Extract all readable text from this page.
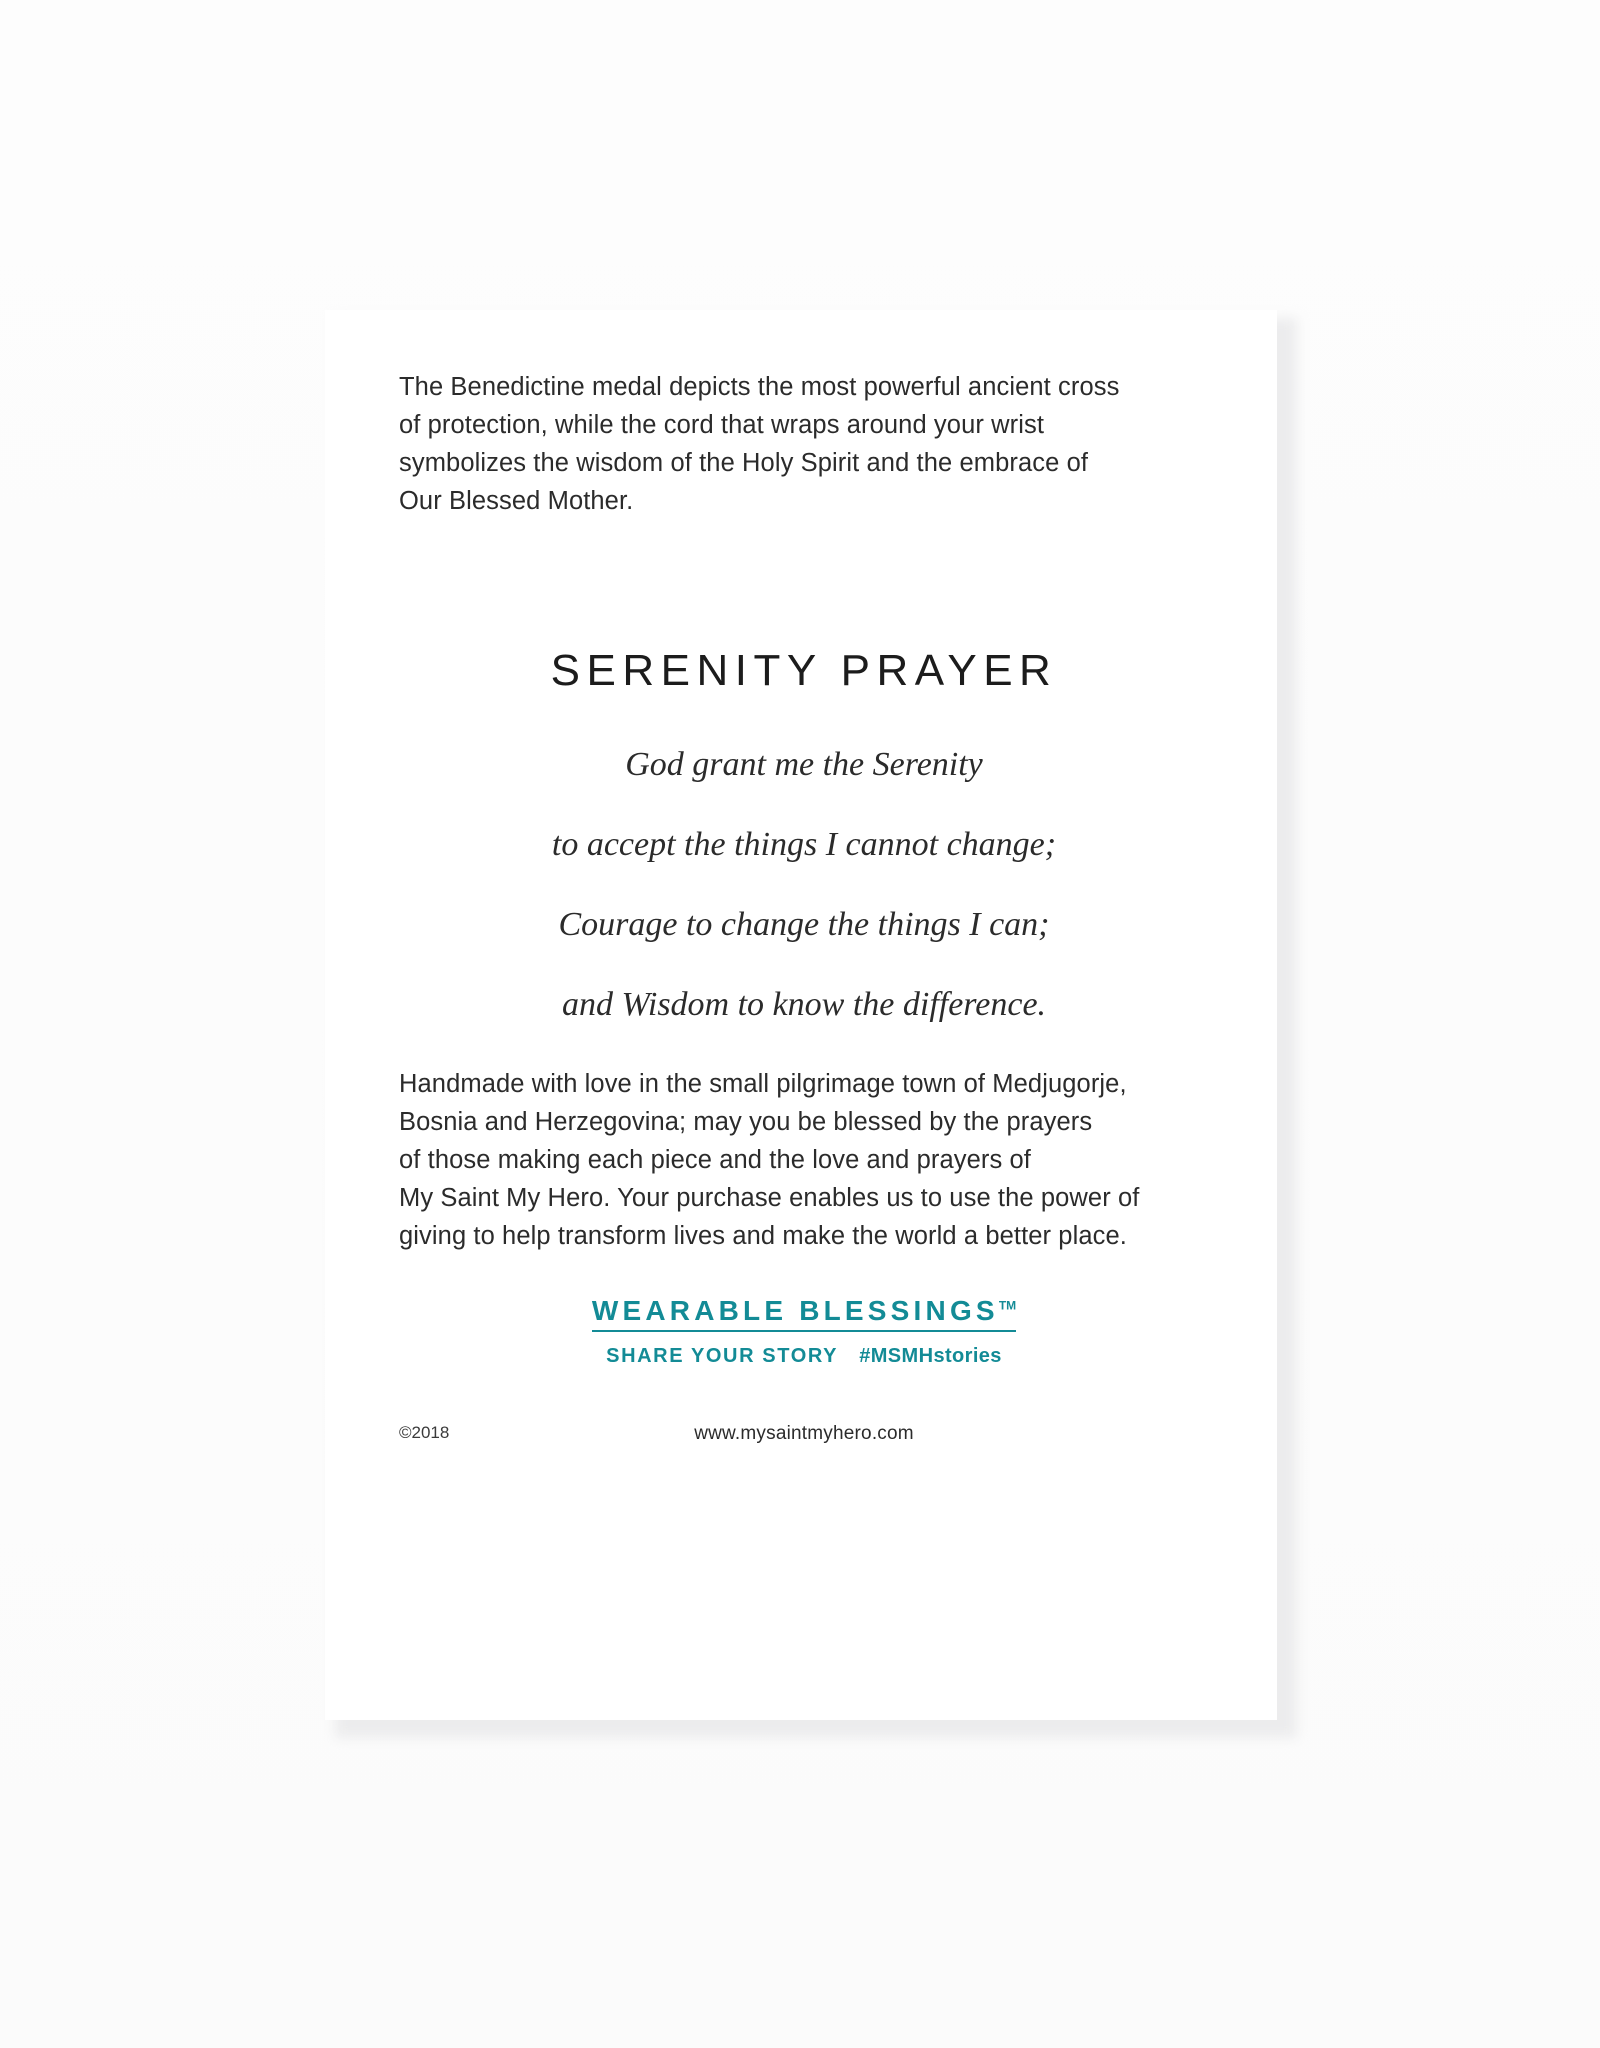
The Benedictine medal depicts the most powerful ancient cross
of protection, while the cord that wraps around your wrist
symbolizes the wisdom of the Holy Spirit and the embrace of
Our Blessed Mother.
SERENITY PRAYER
God grant me the Serenity
to accept the things I cannot change;
Courage to change the things I can;
and Wisdom to know the difference.
Handmade with love in the small pilgrimage town of Medjugorje,
Bosnia and Herzegovina; may you be blessed by the prayers
of those making each piece and the love and prayers of
My Saint My Hero. Your purchase enables us to use the power of
giving to help transform lives and make the world a better place.
WEARABLE BLESSINGS™
SHARE YOUR STORY #MSMHstories
©2018	www.mysaintmyhero.com
